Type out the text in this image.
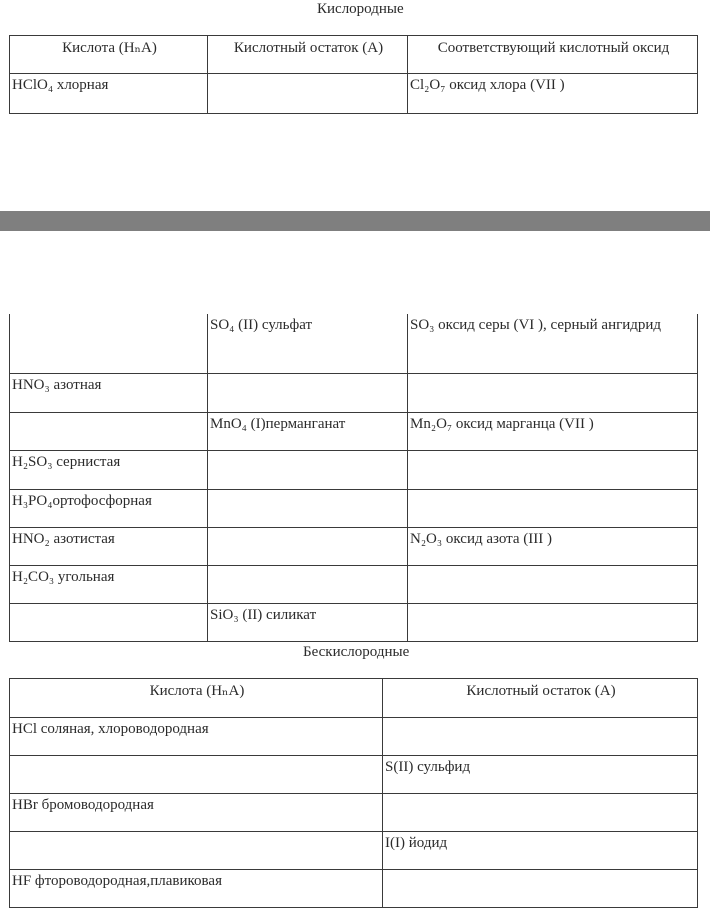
Кислородные
Кислота (HₙA)	Кислотный остаток (A)	Соответствующий кислотный оксид

HClO₄ хлорная		Cl₂O₇ оксид хлора (VII )

	SO₄ (II) сульфат	SO₃ оксид серы (VI ), серный ангидрид

HNO₃ азотная		

	MnO₄ (I)перманганат	Mn₂O₇ оксид марганца (VII )

H₂SO₃ сернистая		

H₃PO₄ортофосфорная		

HNO₂ азотистая		N₂O₃ оксид азота (III )

H₂CO₃ угольная		

	SiO₃ (II) силикат	

Бескислородные
Кислота (HₙA)	Кислотный остаток (A)

HCl соляная, хлороводородная	

	S(II) сульфид

HBr бромоводородная	

	I(I) йодид

HF фтороводородная,плавиковая	
